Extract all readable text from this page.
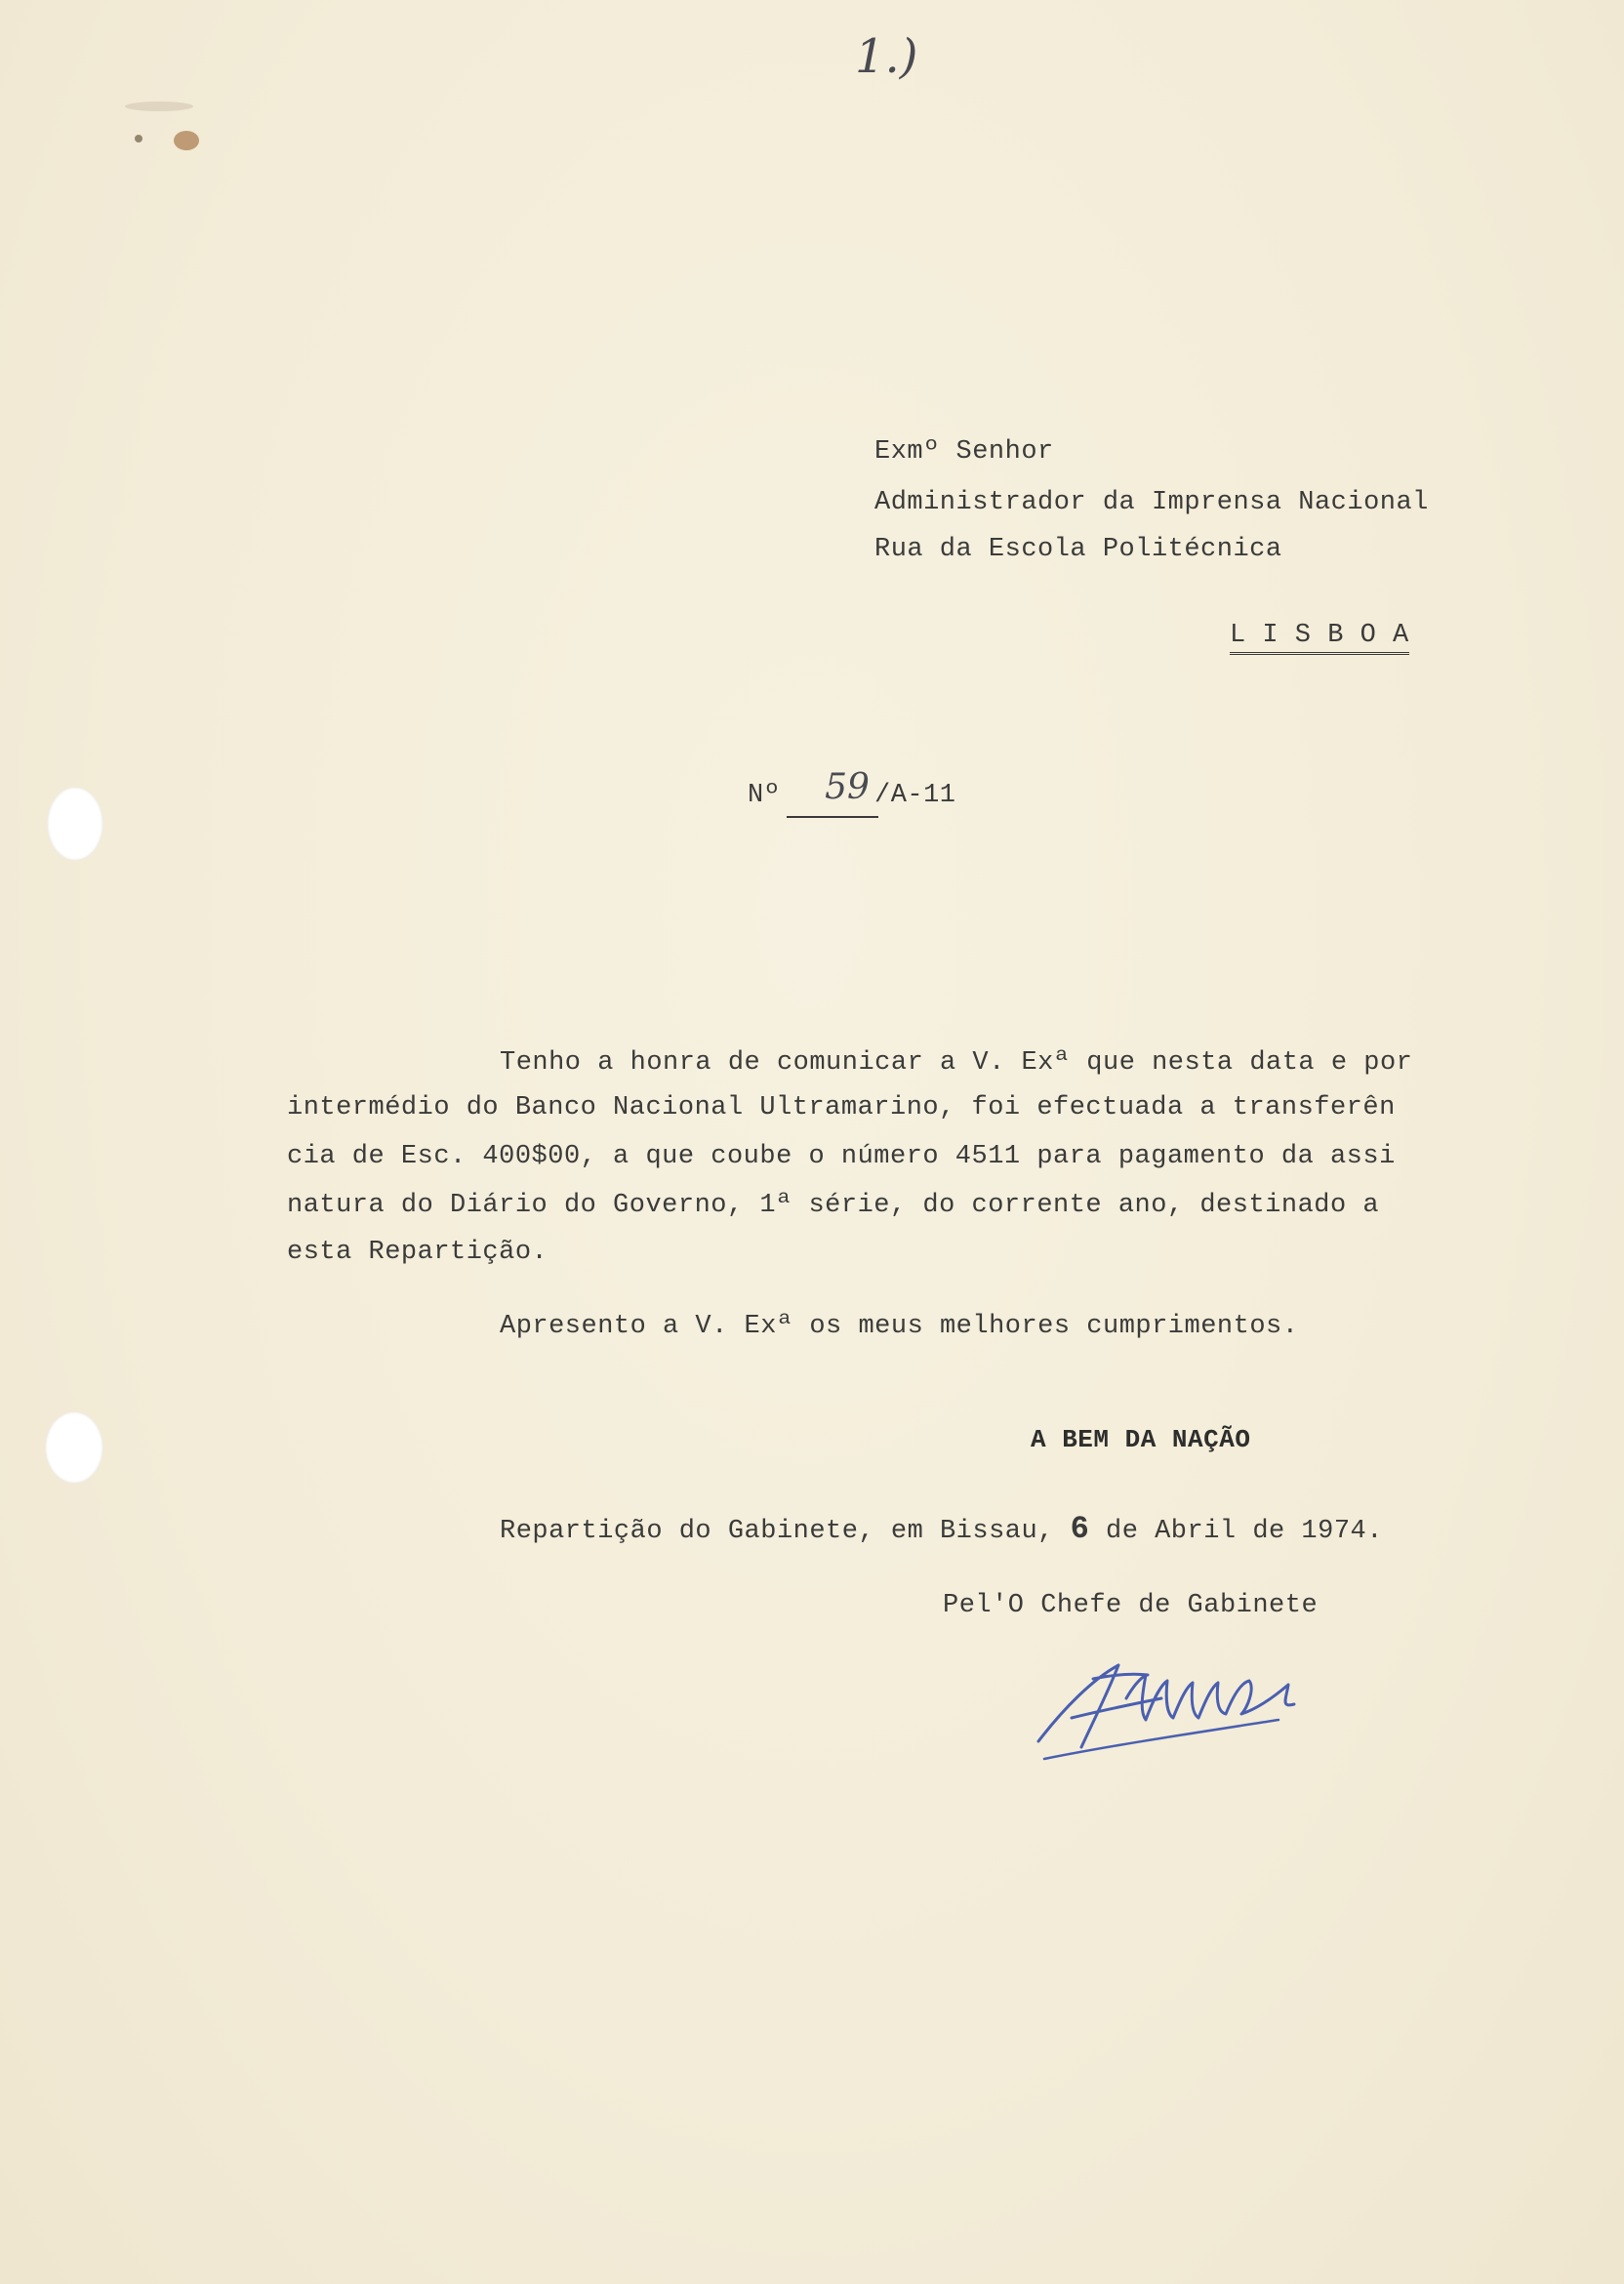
1.)
Exmº Senhor
Administrador da Imprensa Nacional
Rua da Escola Politécnica
L I S B O A
Nº 59 /A-11
Tenho a honra de comunicar a V. Exª que nesta data e por
intermédio do Banco Nacional Ultramarino, foi efectuada a transferên
cia de Esc. 400$00, a que coube o número 4511 para pagamento da assi
natura do Diário do Governo, 1ª série, do corrente ano, destinado a
esta Repartição.
Apresento a V. Exª os meus melhores cumprimentos.
A BEM DA NAÇÃO
Repartição do Gabinete, em Bissau, 6 de Abril de 1974.
Pel'O Chefe de Gabinete
Altura
